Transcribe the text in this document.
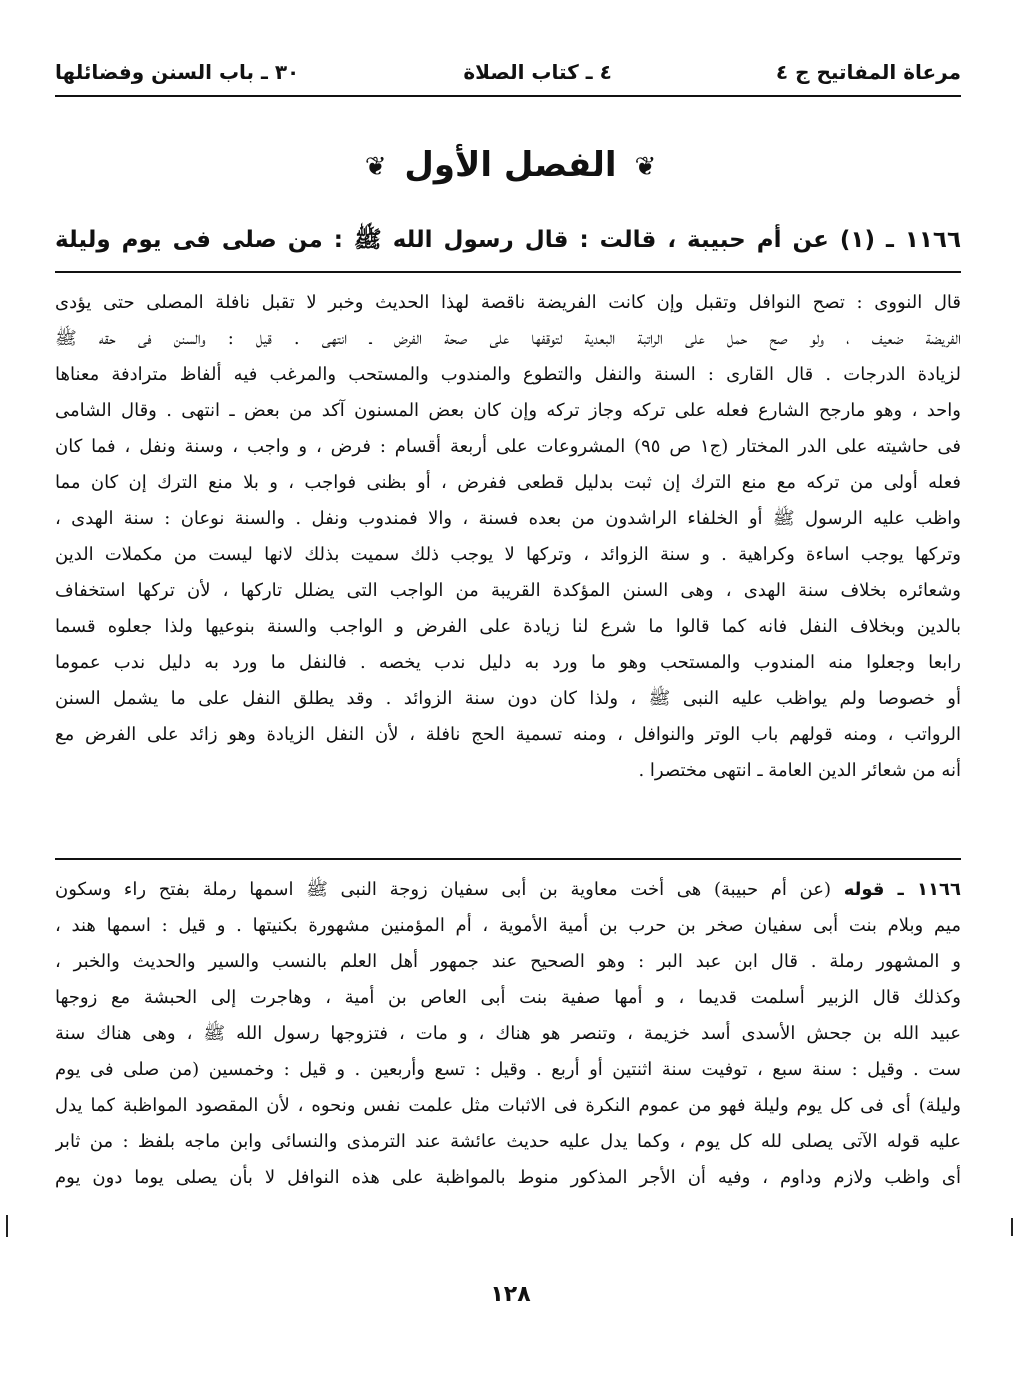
مرعاة المفاتيح ج ٤
٤ ـ كتاب الصلاة
٣٠ ـ باب السنن وفضائلها
❦ الفصل الأول ❦
١١٦٦ ـ (١) عن أم حبيبة ، قالت : قال رسول الله ﷺ : من صلى فى يوم وليلة

قال النووى : تصح النوافل وتقبل وإن كانت الفريضة ناقصة لهذا الحديث وخبر لا تقبل نافلة المصلى حتى يؤدى

الفريضة ضعيف ، ولو صح حمل على الراتبة البعدية لتوقفها على صحة الفرض ـ انتهى . قيل : والسنن فى حقه ﷺ

لزيادة الدرجات . قال القارى : السنة والنفل والتطوع والمندوب والمستحب والمرغب فيه ألفاظ مترادفة معناها

واحد ، وهو مارجح الشارع فعله على تركه وجاز تركه وإن كان بعض المسنون آكد من بعض ـ انتهى . وقال الشامى

فى حاشيته على الدر المختار (ج١ ص ٩٥) المشروعات على أربعة أقسام : فرض ، و واجب ، وسنة ونفل ، فما كان

فعله أولى من تركه مع منع الترك إن ثبت بدليل قطعى ففرض ، أو بظنى فواجب ، و بلا منع الترك إن كان مما

واظب عليه الرسول ﷺ أو الخلفاء الراشدون من بعده فسنة ، والا فمندوب ونفل . والسنة نوعان : سنة الهدى ،

وتركها يوجب اساءة وكراهية . و سنة الزوائد ، وتركها لا يوجب ذلك سميت بذلك لانها ليست من مكملات الدين

وشعائره بخلاف سنة الهدى ، وهى السنن المؤكدة القريبة من الواجب التى يضلل تاركها ، لأن تركها استخفاف

بالدين وبخلاف النفل فانه كما قالوا ما شرع لنا زيادة على الفرض و الواجب والسنة بنوعيها ولذا جعلوه قسما

رابعا وجعلوا منه المندوب والمستحب وهو ما ورد به دليل ندب يخصه . فالنفل ما ورد به دليل ندب عموما

أو خصوصا ولم يواظب عليه النبى ﷺ ، ولذا كان دون سنة الزوائد . وقد يطلق النفل على ما يشمل السنن

الرواتب ، ومنه قولهم باب الوتر والنوافل ، ومنه تسمية الحج نافلة ، لأن النفل الزيادة وهو زائد على الفرض مع

أنه من شعائر الدين العامة ـ انتهى مختصرا .

١١٦٦ ـ قوله (عن أم حبيبة) هى أخت معاوية بن أبى سفيان زوجة النبى ﷺ اسمها رملة بفتح راء وسكون

ميم وبلام بنت أبى سفيان صخر بن حرب بن أمية الأموية ، أم المؤمنين مشهورة بكنيتها . و قيل : اسمها هند ،

و المشهور رملة . قال ابن عبد البر : وهو الصحيح عند جمهور أهل العلم بالنسب والسير والحديث والخبر ،

وكذلك قال الزبير أسلمت قديما ، و أمها صفية بنت أبى العاص بن أمية ، وهاجرت إلى الحبشة مع زوجها

عبيد الله بن جحش الأسدى أسد خزيمة ، وتنصر هو هناك ، و مات ، فتزوجها رسول الله ﷺ ، وهى هناك سنة

ست . وقيل : سنة سبع ، توفيت سنة اثنتين أو أربع . وقيل : تسع وأربعين . و قيل : وخمسين (من صلى فى يوم

وليلة) أى فى كل يوم وليلة فهو من عموم النكرة فى الاثبات مثل علمت نفس ونحوه ، لأن المقصود المواظبة كما يدل

عليه قوله الآتى يصلى لله كل يوم ، وكما يدل عليه حديث عائشة عند الترمذى والنسائى وابن ماجه بلفظ : من ثابر

أى واظب ولازم وداوم ، وفيه أن الأجر المذكور منوط بالمواظبة على هذه النوافل لا بأن يصلى يوما دون يوم

١٢٨
